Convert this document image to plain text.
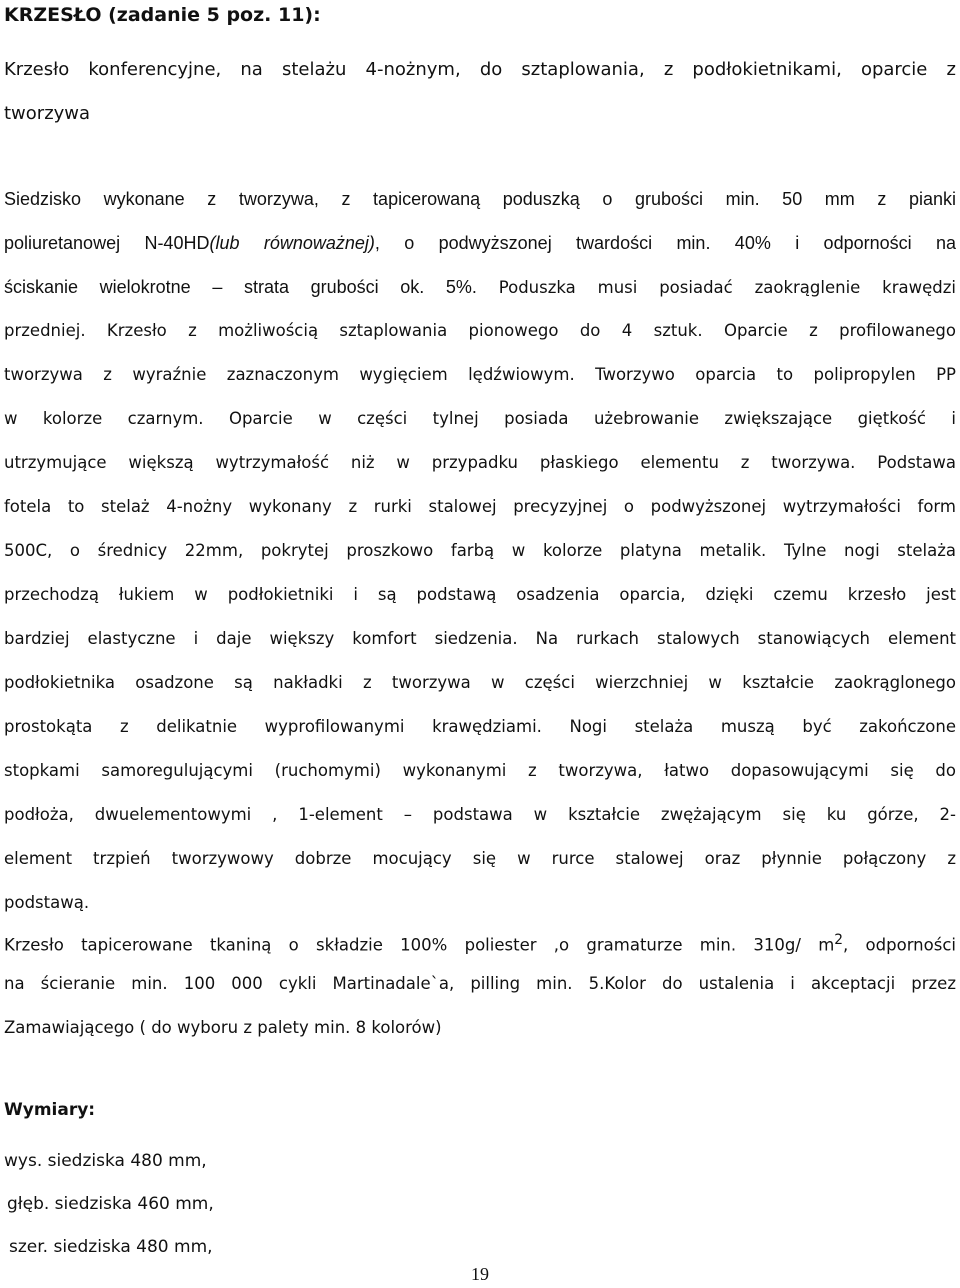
KRZESŁO (zadanie 5 poz. 11):
Krzesło konferencyjne, na stelażu 4-nożnym, do sztaplowania, z podłokietnikami, oparcie z
tworzywa
Siedzisko wykonane z tworzywa, z tapicerowaną poduszką o grubości min. 50 mm z pianki
poliuretanowej N-40HD(lub równoważnej), o podwyższonej twardości min. 40% i odporności na
ściskanie wielokrotne – strata grubości ok. 5%. Poduszka musi posiadać zaokrąglenie krawędzi
przedniej. Krzesło z możliwością sztaplowania pionowego do 4 sztuk. Oparcie z profilowanego
tworzywa z wyraźnie zaznaczonym wygięciem lędźwiowym. Tworzywo oparcia to polipropylen PP
w kolorze czarnym. Oparcie w części tylnej posiada użebrowanie zwiększające giętkość i
utrzymujące większą wytrzymałość niż w przypadku płaskiego elementu z tworzywa. Podstawa
fotela to stelaż 4-nożny wykonany z rurki stalowej precyzyjnej o podwyższonej wytrzymałości form
500C, o średnicy 22mm, pokrytej proszkowo farbą w kolorze platyna metalik. Tylne nogi stelaża
przechodzą łukiem w podłokietniki i są podstawą osadzenia oparcia, dzięki czemu krzesło jest
bardziej elastyczne i daje większy komfort siedzenia. Na rurkach stalowych stanowiących element
podłokietnika osadzone są nakładki z tworzywa w części wierzchniej w kształcie zaokrąglonego
prostokąta z delikatnie wyprofilowanymi krawędziami. Nogi stelaża muszą być zakończone
stopkami samoregulującymi (ruchomymi) wykonanymi z tworzywa, łatwo dopasowującymi się do
podłoża, dwuelementowymi , 1-element – podstawa w kształcie zwężającym się ku górze, 2-
element trzpień tworzywowy dobrze mocujący się w rurce stalowej oraz płynnie połączony z
podstawą.
Krzesło tapicerowane tkaniną o składzie 100% poliester ,o gramaturze min. 310g/ $m^2$, odporności
na ścieranie min. 100 000 cykli Martinadale`a, pilling min. 5.Kolor do ustalenia i akceptacji przez
Zamawiającego ( do wyboru z palety min. 8 kolorów)
Wymiary:
wys. siedziska 480 mm,
głęb. siedziska 460 mm,
szer. siedziska 480 mm,
19
